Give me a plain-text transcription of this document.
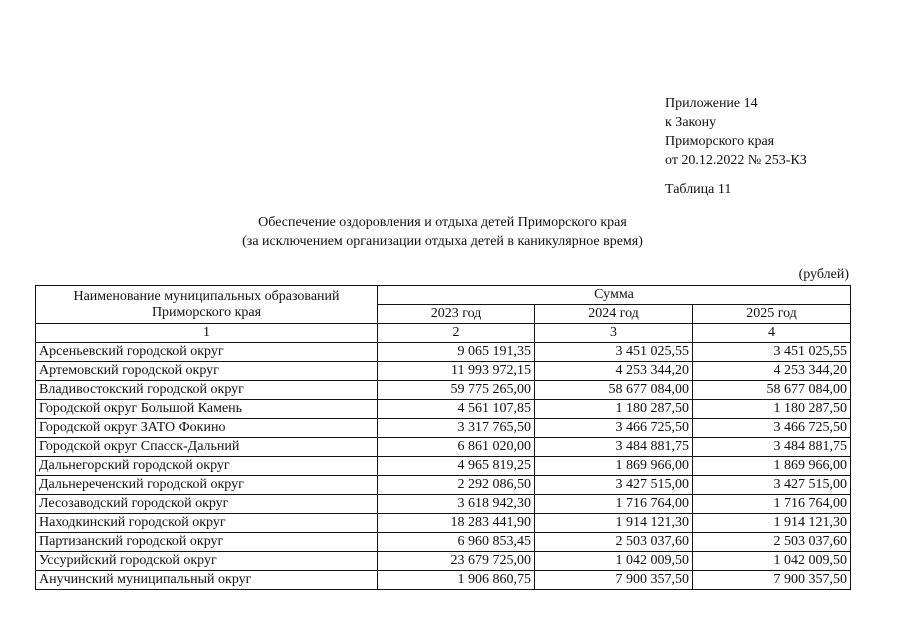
Приложение 14
к Закону
Приморского края
от 20.12.2022 № 253-КЗ
Таблица 11
Обеспечение оздоровления и отдыха детей Приморского края
(за исключением организации отдыха детей в каникулярное время)
(рублей)
Наименование муниципальных образований
Приморского края	Сумма		
	2023 год	2024 год	2025 год
1	2	3	4
Арсеньевский городской округ	9 065 191,35	3 451 025,55	3 451 025,55
Артемовский городской округ	11 993 972,15	4 253 344,20	4 253 344,20
Владивостокский городской округ	59 775 265,00	58 677 084,00	58 677 084,00
Городской округ Большой Камень	4 561 107,85	1 180 287,50	1 180 287,50
Городской округ ЗАТО Фокино	3 317 765,50	3 466 725,50	3 466 725,50
Городской округ Спасск-Дальний	6 861 020,00	3 484 881,75	3 484 881,75
Дальнегорский городской округ	4 965 819,25	1 869 966,00	1 869 966,00
Дальнереченский городской округ	2 292 086,50	3 427 515,00	3 427 515,00
Лесозаводский городской округ	3 618 942,30	1 716 764,00	1 716 764,00
Находкинский городской округ	18 283 441,90	1 914 121,30	1 914 121,30
Партизанский городской округ	6 960 853,45	2 503 037,60	2 503 037,60
Уссурийский городской округ	23 679 725,00	1 042 009,50	1 042 009,50
Анучинский муниципальный округ	1 906 860,75	7 900 357,50	7 900 357,50
